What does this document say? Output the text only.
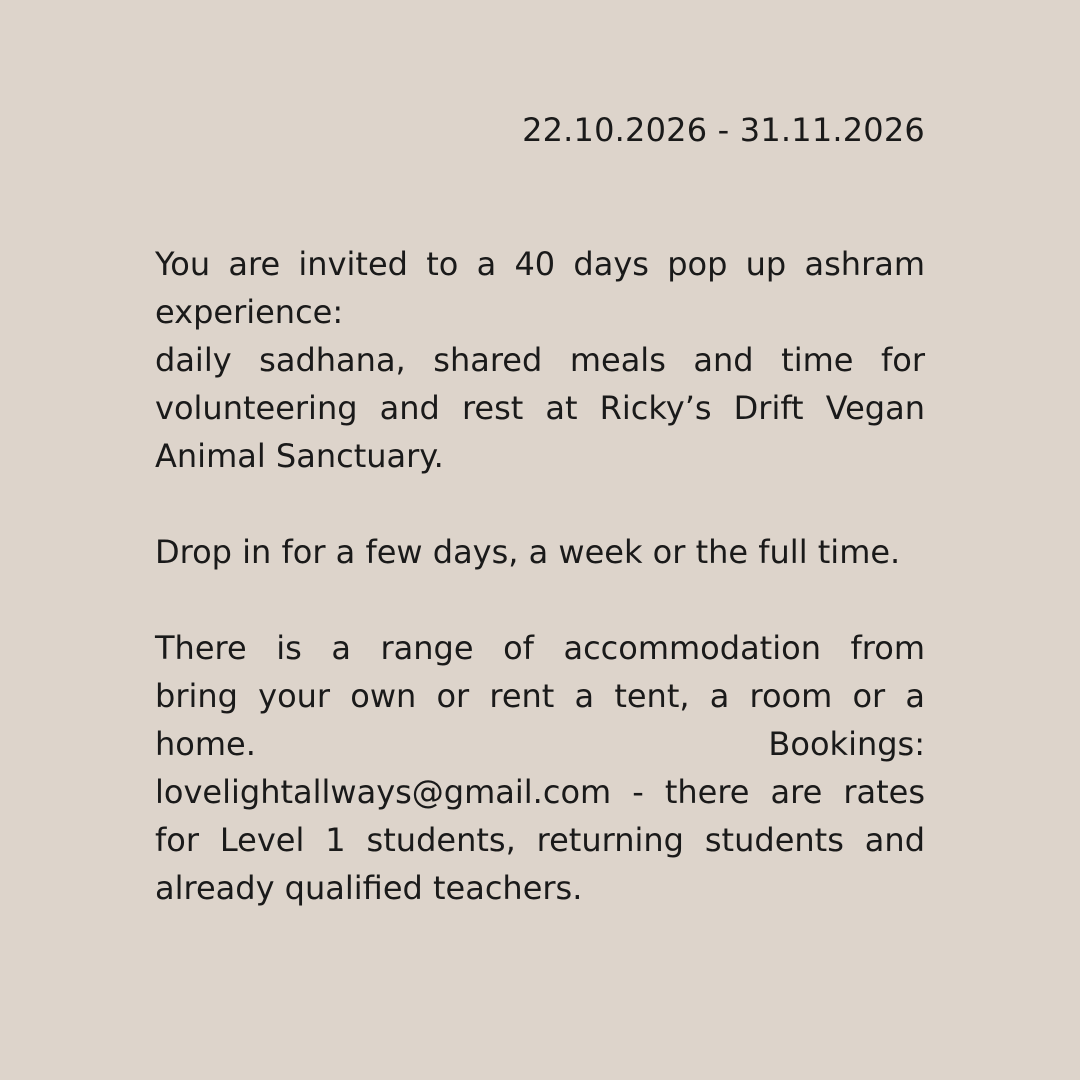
22.10.2026 - 31.11.2026
You are invited to a 40 days pop up ashram
experience:
daily sadhana, shared meals and time for
volunteering and rest at Ricky’s Drift Vegan
Animal Sanctuary.
Drop in for a few days, a week or the full time.
There is a range of accommodation from
bring your own or rent a tent, a room or a
home.	Bookings:
lovelightallways@gmail.com - there are rates
for Level 1 students, returning students and
already qualified teachers.
